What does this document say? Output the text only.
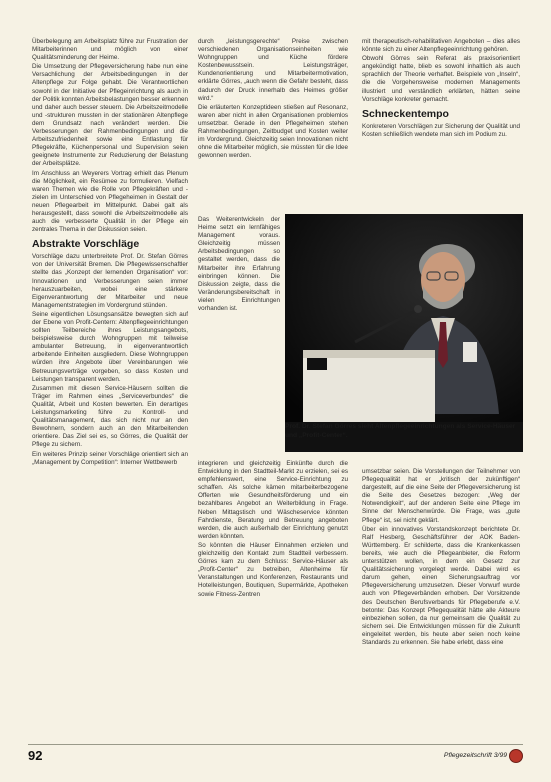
Überbelegung am Arbeitsplatz führe zur Frustration der Mitarbeiterinnen und möglich von einer Qualitätsminderung der Heime.

Die Umsetzung der Pflegeversicherung habe nun eine Versachlichung der Arbeitsbedingungen in der Altenpflege zur Folge gehabt. Die Verantwortlichen sowohl in der Initiative der Pflegeinrichtung als auch in der Politik konnten Arbeitsbelastungen besser erkennen und daher auch besser steuern. Die Arbeitszeitmodelle und -strukturen mussten in der stationären Altenpflege dem Grundsatz nach verändert werden. Die Verbesserungen der Rahmenbedingungen und die Arbeitszufriedenheit sowie eine Entlastung für Pflegekräfte, Küchenpersonal und Supervision seien geeignete Instrumente zur Reduzierung der Belastung der Arbeitsplätze.

Im Anschluss an Weyerers Vortrag erhielt das Plenum die Möglichkeit, ein Resümee zu formulieren. Vielfach waren Themen wie die Rolle von Pflegekräften und -zielen im Unterschied von Pflegeheimen in Gestalt der neuen Pflegearbeit im Mittelpunkt. Dabei galt als herausgestellt, dass sowohl die Arbeitszeitmodelle als auch die verbesserte Qualität in der Pflege ein zentrales Thema in der Diskussion seien.

Abstrakte Vorschläge

Vorschläge dazu unterbreitete Prof. Dr. Stefan Görres von der Universität Bremen. Die Pflegewissenschaftler stellte das „Konzept der lernenden Organisation“ vor: Innovationen und Verbesserungen seien immer herauszuarbeiten, wobei eine stärkere Eigenverantwortung der Mitarbeiter und neue Managementstrategien im Vordergrund stünden.

Seine eigentlichen Lösungsansätze bewegten sich auf der Ebene von Profit-Centern: Altenpflegeeinrichtungen sollten Teilbereiche ihres Leistungsangebots, beispielsweise durch Wohngruppen mit teilweise ambulanter Betreuung, in eigenverantwortlich arbeitende Einheiten ausgliedern. Diese Wohngruppen würden ihre Angebote über Vereinbarungen wie Betreuungsverträge vorgeben, so dass Kosten und Leistungen transparent werden.

Zusammen mit diesen Service-Häusern sollten die Träger im Rahmen eines „Serviceverbundes“ die Qualität, Arbeit und Kosten bewerten. Ein derartiges Leistungsmarketing führe zu Kontroll- und Qualitätsmanagement, das sich nicht nur an den Bewohnern, sondern auch an den Mitarbeitenden orientiere. Das Ziel sei es, so Görres, die Qualität der Pflege zu sichern.

Ein weiteres Prinzip seiner Vorschläge orientiert sich an „Management by Competition“: Interner Wettbewerb

durch „leistungsgerechte“ Preise zwischen verschiedenen Organisationseinheiten wie Wohngruppen und Küche fördere Kostenbewusstsein. Leistungsträger, Kundenorientierung und Mitarbeitermotivation, erklärte Görres, „auch wenn die Gefahr besteht, dass dadurch der Druck innerhalb des Heimes größer wird.“

Die erläuterten Konzeptideen stießen auf Resonanz, waren aber nicht in allen Organisationen problemlos umsetzbar. Gerade in den Pflegeheimen stehen Rahmenbedingungen, Zeitbudget und Kosten weiter im Vordergrund. Gleichzeitig seien Innovationen nicht ohne die Mitarbeiter möglich, sie müssten für die Idee gewonnen werden.

Das Weiterentwickeln der Heime setzt ein lernfähiges Management voraus. Gleichzeitig müssen Arbeitsbedingungen so gestaltet werden, dass die Mitarbeiter ihre Erfahrung einbringen können. Die Diskussion zeigte, dass die Veränderungsbereitschaft in vielen Einrichtungen vorhanden ist.

integrieren und gleichzeitig Einkünfte durch die Entwicklung in den Stadtteil-Markt zu erzielen, sei es empfehlenswert, eine Service-Einrichtung zu schaffen. Als solche kämen mitarbeiterbezogene Offerten wie Gesundheitsförderung und ein bezahlbares Angebot an Weiterbildung in Frage. Neben Mittagstisch und Wäscheservice könnten Fahrdienste, Beratung und Betreuung angeboten werden, die auch außerhalb der Einrichtung genutzt werden könnten.

So könnten die Häuser Einnahmen erzielen und gleichzeitig den Kontakt zum Stadtteil verbessern. Görres kam zu dem Schluss: Service-Häuser als „Profit-Center“ zu betreiben, Altenheime für Veranstaltungen und Konferenzen, Restaurants und Hotelleistungen, Boutiquen, Supermärkte, Apotheken sowie Fitness-Zentren

mit therapeutisch-rehabilitativen Angeboten – dies alles könnte sich zu einer Altenpflegeeinrichtung gehören.

Obwohl Görres sein Referat als praxisorientiert angekündigt hatte, blieb es sowohl inhaltlich als auch sprachlich der Theorie verhaftet. Beispiele von „Inseln“, die die Vorgehensweise modernen Managements illustriert und verständlich erklärten, hätten seine Vorschläge konkreter gemacht.

Schneckentempo

Konkreteren Vorschlägen zur Sicherung der Qualität und Kosten schließlich wendete man sich im Podium zu.

Prof. Dr. Stefan Görres sieht Altenpflegeeinrichtungen als Service-Häuser und „Profit-Center“.

umsetzbar seien. Die Vorstellungen der Teilnehmer von Pflegequalität hat er „kritisch der zukünftigen“ dargestellt, auf die eine Seite der Pflegeversicherung ist die Seite des Gesetzes bezogen: „Weg der Notwendigkeit“, auf der anderen Seite eine Pflege im Sinne der Menschenwürde. Die Frage, was „gute Pflege“ ist, sei nicht geklärt.

Über ein innovatives Vorstandskonzept berichtete Dr. Ralf Hesberg, Geschäftsführer der AOK Baden-Württemberg. Er schilderte, dass die Krankenkassen bereits, wie auch die Pflegeanbieter, die Reform unterstützen wollen, in dem ein Gesetz zur Qualitätssicherung vorgelegt werde. Dabei wird es darum gehen, einen Sicherungsauftrag vor Pflegeversicherung umzusetzen. Dieser Vorwurf wurde auch von Pflegeverbänden erhoben. Der Vorsitzende des Deutschen Berufsverbands für Pflegeberufe e.V. betonte: Das Konzept Pflegequalität hätte alle Akteure einbeziehen sollen, da nur gemeinsam die Qualität zu sichern sei. Die Entwicklungen müssen für die Zukunft eingeleitet werden, bis heute aber seien noch keine Standards zu erkennen. Sie habe erlebt, dass eine

92	Pflegezeitschrift 3/99
